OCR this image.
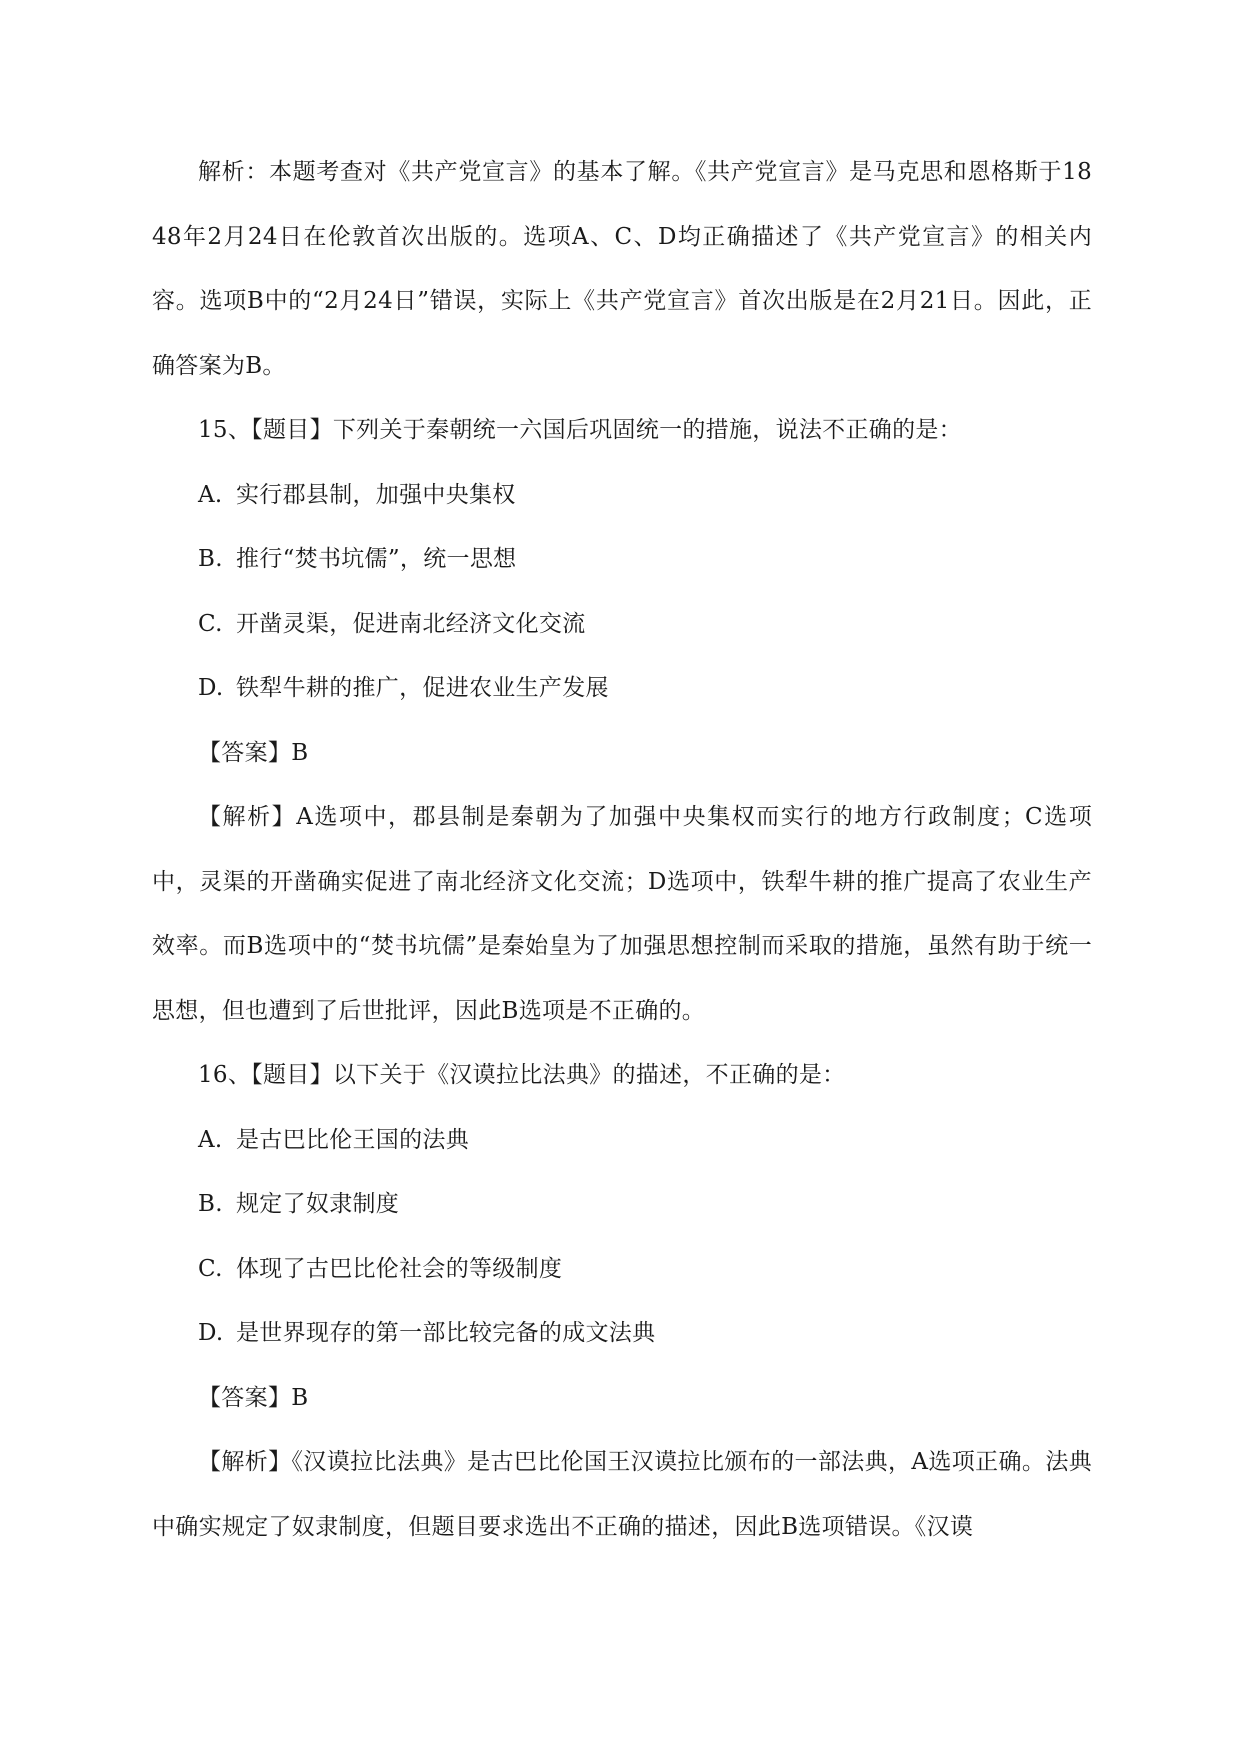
解析：本题考查对《共产党宣言》的基本了解。《共产党宣言》是马克思和恩格斯于1848年2月24日在伦敦首次出版的。选项A、C、D均正确描述了《共产党宣言》的相关内容。选项B中的“2月24日”错误，实际上《共产党宣言》首次出版是在2月21日。因此，正确答案为B。

15、【题目】下列关于秦朝统一六国后巩固统一的措施，说法不正确的是：

A. 实行郡县制，加强中央集权

B. 推行“焚书坑儒”，统一思想

C. 开凿灵渠，促进南北经济文化交流

D. 铁犁牛耕的推广，促进农业生产发展

【答案】B

【解析】A选项中，郡县制是秦朝为了加强中央集权而实行的地方行政制度；C选项中，灵渠的开凿确实促进了南北经济文化交流；D选项中，铁犁牛耕的推广提高了农业生产效率。而B选项中的“焚书坑儒”是秦始皇为了加强思想控制而采取的措施，虽然有助于统一思想，但也遭到了后世批评，因此B选项是不正确的。

16、【题目】以下关于《汉谟拉比法典》的描述，不正确的是：

A. 是古巴比伦王国的法典

B. 规定了奴隶制度

C. 体现了古巴比伦社会的等级制度

D. 是世界现存的第一部比较完备的成文法典

【答案】B

【解析】《汉谟拉比法典》是古巴比伦国王汉谟拉比颁布的一部法典，A选项正确。法典中确实规定了奴隶制度，但题目要求选出不正确的描述，因此B选项错误。《汉谟
